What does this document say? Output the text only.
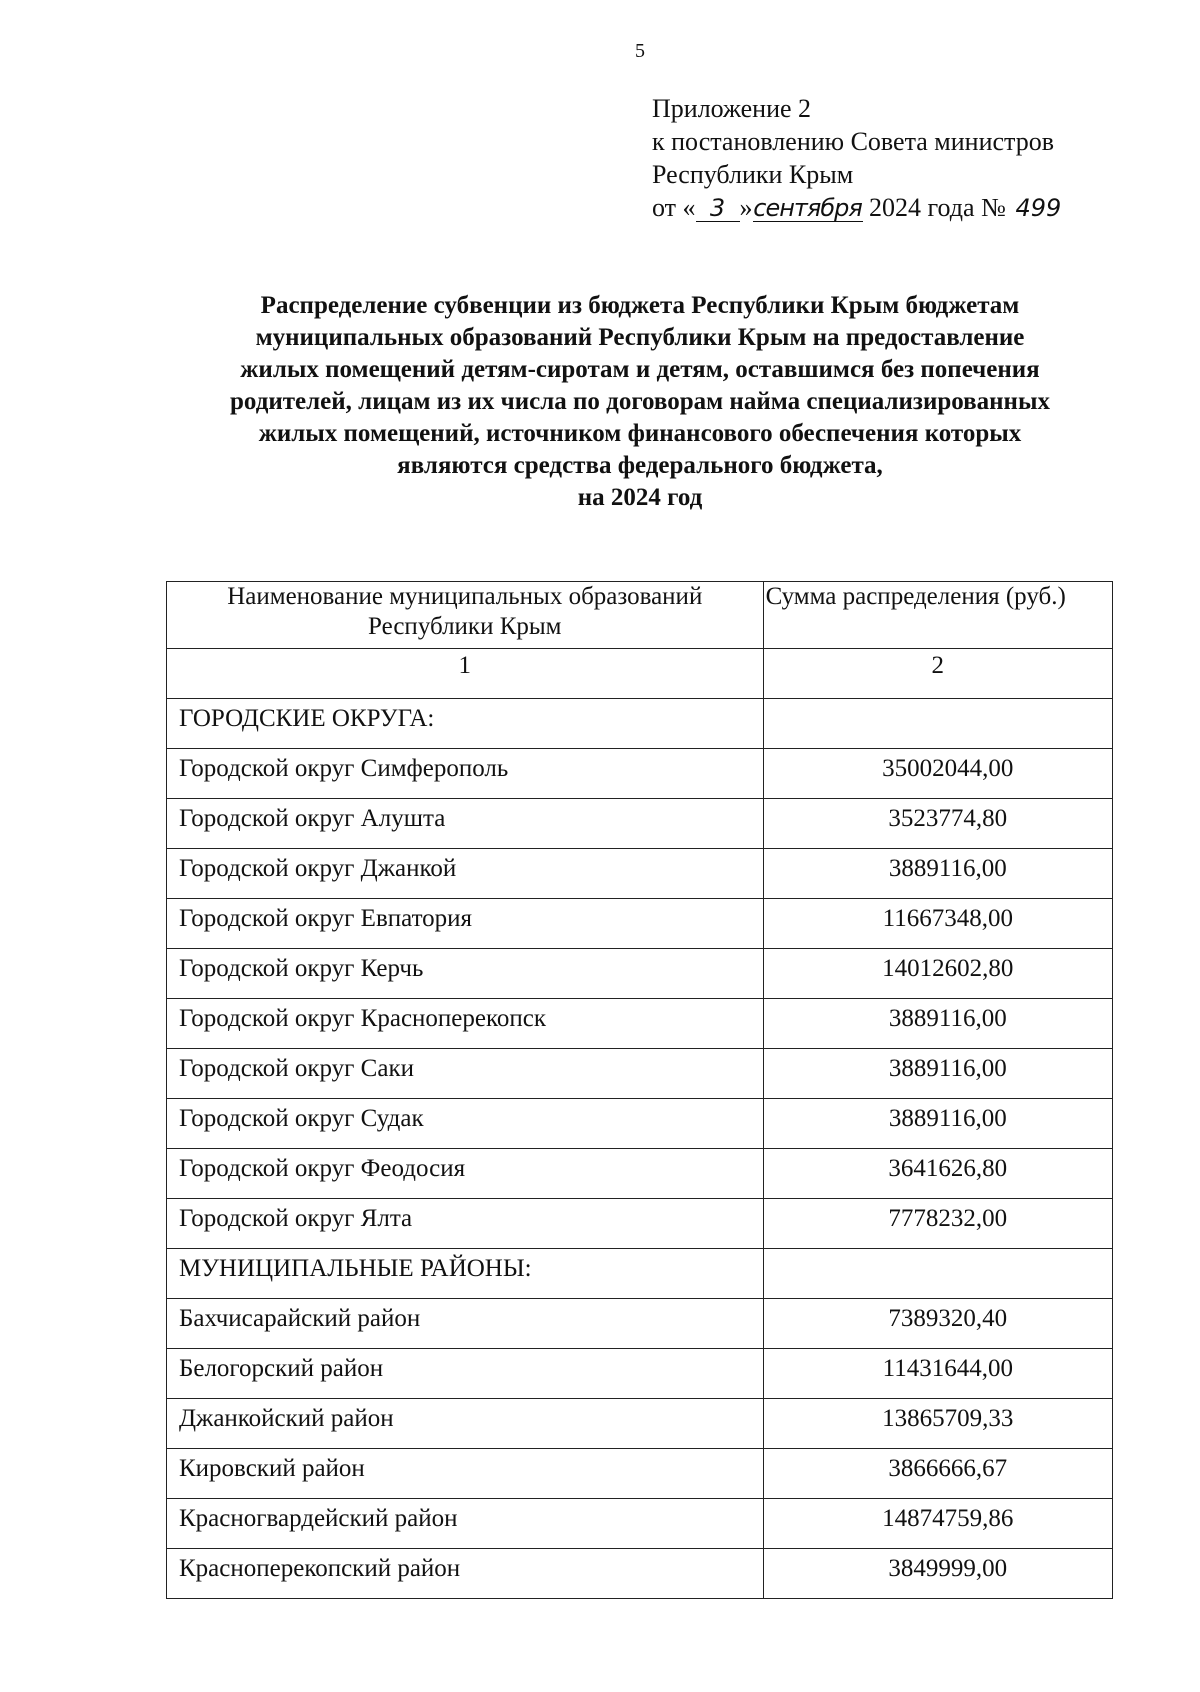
5
Приложение 2
к постановлению Совета министров
Республики Крым
от « 3 »сентября 2024 года № 499
Распределение субвенции из бюджета Республики Крым бюджетам
муниципальных образований Республики Крым на предоставление
жилых помещений детям-сиротам и детям, оставшимся без попечения
родителей, лицам из их числа по договорам найма специализированных
жилых помещений, источником финансового обеспечения которых
являются средства федерального бюджета,
на 2024 год
Наименование муниципальных образований
Республики Крым	Сумма распределения (руб.)
1	2
ГОРОДСКИЕ ОКРУГА:	
Городской округ Симферополь	35002044,00
Городской округ Алушта	3523774,80
Городской округ Джанкой	3889116,00
Городской округ Евпатория	11667348,00
Городской округ Керчь	14012602,80
Городской округ Красноперекопск	3889116,00
Городской округ Саки	3889116,00
Городской округ Судак	3889116,00
Городской округ Феодосия	3641626,80
Городской округ Ялта	7778232,00
МУНИЦИПАЛЬНЫЕ РАЙОНЫ:	
Бахчисарайский район	7389320,40
Белогорский район	11431644,00
Джанкойский район	13865709,33
Кировский район	3866666,67
Красногвардейский район	14874759,86
Красноперекопский район	3849999,00
